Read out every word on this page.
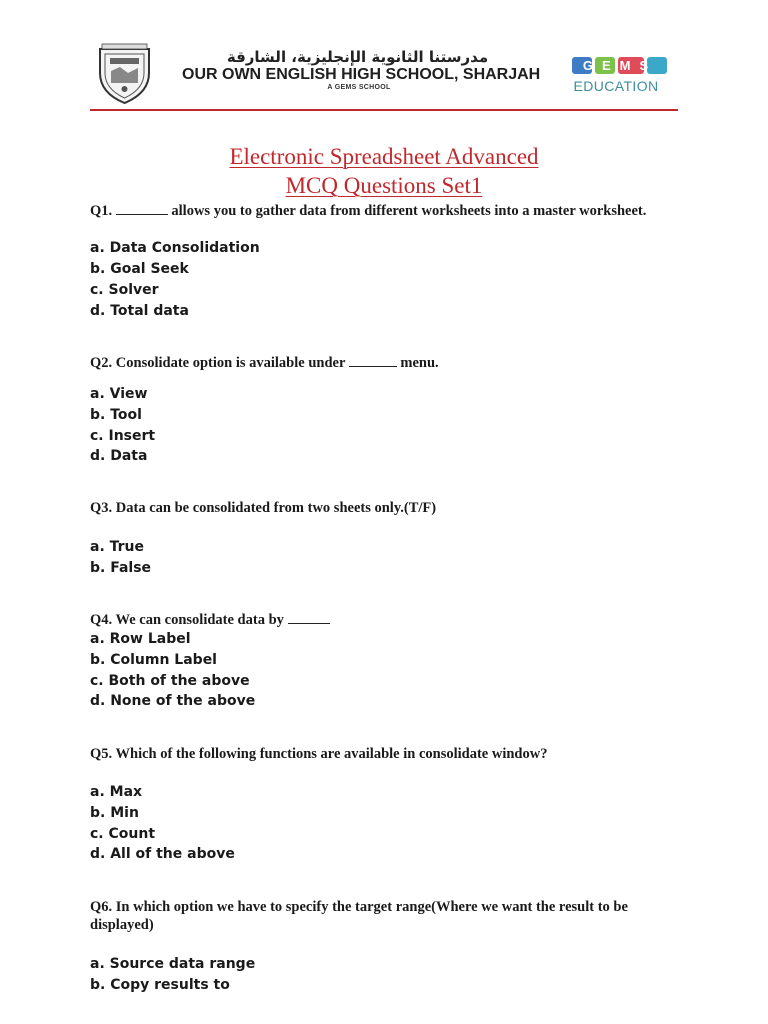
مدرستنا الثانوية الإنجليزية، الشارقة
OUR OWN ENGLISH HIGH SCHOOL, SHARJAH
A GEMS SCHOOL
GEMS
EDUCATION
Electronic Spreadsheet Advanced
MCQ Questions Set1
Q1.	allows you to gather data from different worksheets into a master worksheet.
a. Data Consolidation
b. Goal Seek
c. Solver
d. Total data
Q2. Consolidate option is available under	menu.
a. View
b. Tool
c. Insert
d. Data
Q3. Data can be consolidated from two sheets only.(T/F)
a. True
b. False
Q4. We can consolidate data by
a. Row Label
b. Column Label
c. Both of the above
d. None of the above
Q5. Which of the following functions are available in consolidate window?
a. Max
b. Min
c. Count
d. All of the above
Q6. In which option we have to specify the target range(Where we want the result to be displayed)
a. Source data range
b. Copy results to
